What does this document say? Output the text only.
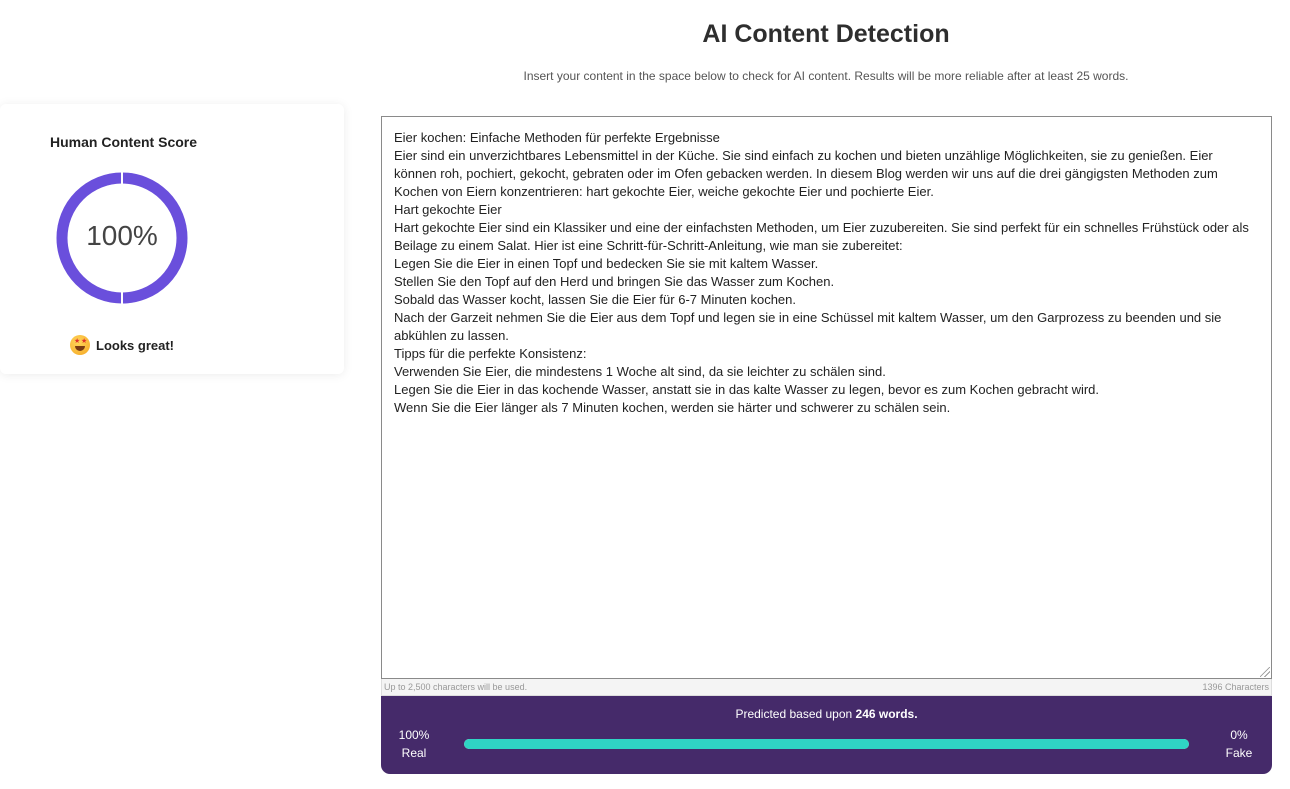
AI Content Detection
Insert your content in the space below to check for AI content. Results will be more reliable after at least 25 words.
Human Content Score
100%
★
★
Looks great!
Eier kochen: Einfache Methoden für perfekte Ergebnisse
Eier sind ein unverzichtbares Lebensmittel in der Küche. Sie sind einfach zu kochen und bieten unzählige Möglichkeiten, sie zu genießen. Eier können roh, pochiert, gekocht, gebraten oder im Ofen gebacken werden. In diesem Blog werden wir uns auf die drei gängigsten Methoden zum Kochen von Eiern konzentrieren: hart gekochte Eier, weiche gekochte Eier und pochierte Eier.
Hart gekochte Eier
Hart gekochte Eier sind ein Klassiker und eine der einfachsten Methoden, um Eier zuzubereiten. Sie sind perfekt für ein schnelles Frühstück oder als Beilage zu einem Salat. Hier ist eine Schritt-für-Schritt-Anleitung, wie man sie zubereitet:
Legen Sie die Eier in einen Topf und bedecken Sie sie mit kaltem Wasser.
Stellen Sie den Topf auf den Herd und bringen Sie das Wasser zum Kochen.
Sobald das Wasser kocht, lassen Sie die Eier für 6-7 Minuten kochen.
Nach der Garzeit nehmen Sie die Eier aus dem Topf und legen sie in eine Schüssel mit kaltem Wasser, um den Garprozess zu beenden und sie abkühlen zu lassen.
Tipps für die perfekte Konsistenz:
Verwenden Sie Eier, die mindestens 1 Woche alt sind, da sie leichter zu schälen sind.
Legen Sie die Eier in das kochende Wasser, anstatt sie in das kalte Wasser zu legen, bevor es zum Kochen gebracht wird.
Wenn Sie die Eier länger als 7 Minuten kochen, werden sie härter und schwerer zu schälen sein.
Up to 2,500 characters will be used.	1396 Characters
Predicted based upon 246 words.
100%
Real
0%
Fake
